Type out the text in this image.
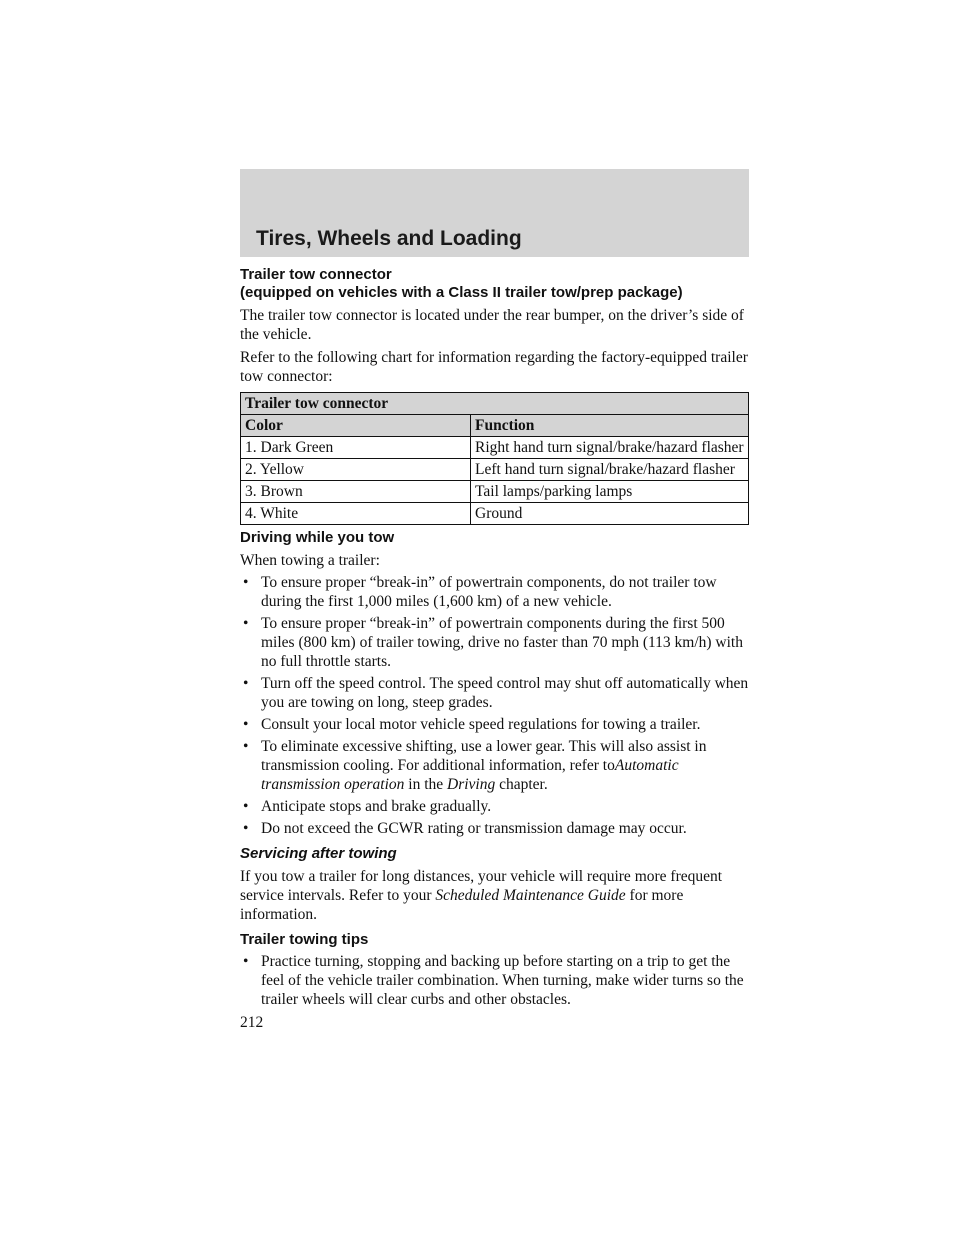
Tires, Wheels and Loading

Trailer tow connector

(equipped on vehicles with a Class II trailer tow/prep package)

The trailer tow connector is located under the rear bumper, on the driver’s side of the vehicle.

Refer to the following chart for information regarding the factory-equipped trailer tow connector:

Trailer tow connector	
Color	Function
1. Dark Green	Right hand turn signal/brake/hazard flasher
2. Yellow	Left hand turn signal/brake/hazard flasher
3. Brown	Tail lamps/parking lamps
4. White	Ground

Driving while you tow

When towing a trailer:

• To ensure proper “break-in” of powertrain components, do not trailer tow during the first 1,000 miles (1,600 km) of a new vehicle.
• To ensure proper “break-in” of powertrain components during the first 500 miles (800 km) of trailer towing, drive no faster than 70 mph (113 km/h) with no full throttle starts.
• Turn off the speed control. The speed control may shut off automatically when you are towing on long, steep grades.
• Consult your local motor vehicle speed regulations for towing a trailer.
• To eliminate excessive shifting, use a lower gear. This will also assist in transmission cooling. For additional information, refer toAutomatic transmission operation in the Driving chapter.
• Anticipate stops and brake gradually.
• Do not exceed the GCWR rating or transmission damage may occur.

Servicing after towing

If you tow a trailer for long distances, your vehicle will require more frequent service intervals. Refer to your Scheduled Maintenance Guide for more information.

Trailer towing tips

• Practice turning, stopping and backing up before starting on a trip to get the feel of the vehicle trailer combination. When turning, make wider turns so the trailer wheels will clear curbs and other obstacles.

212
